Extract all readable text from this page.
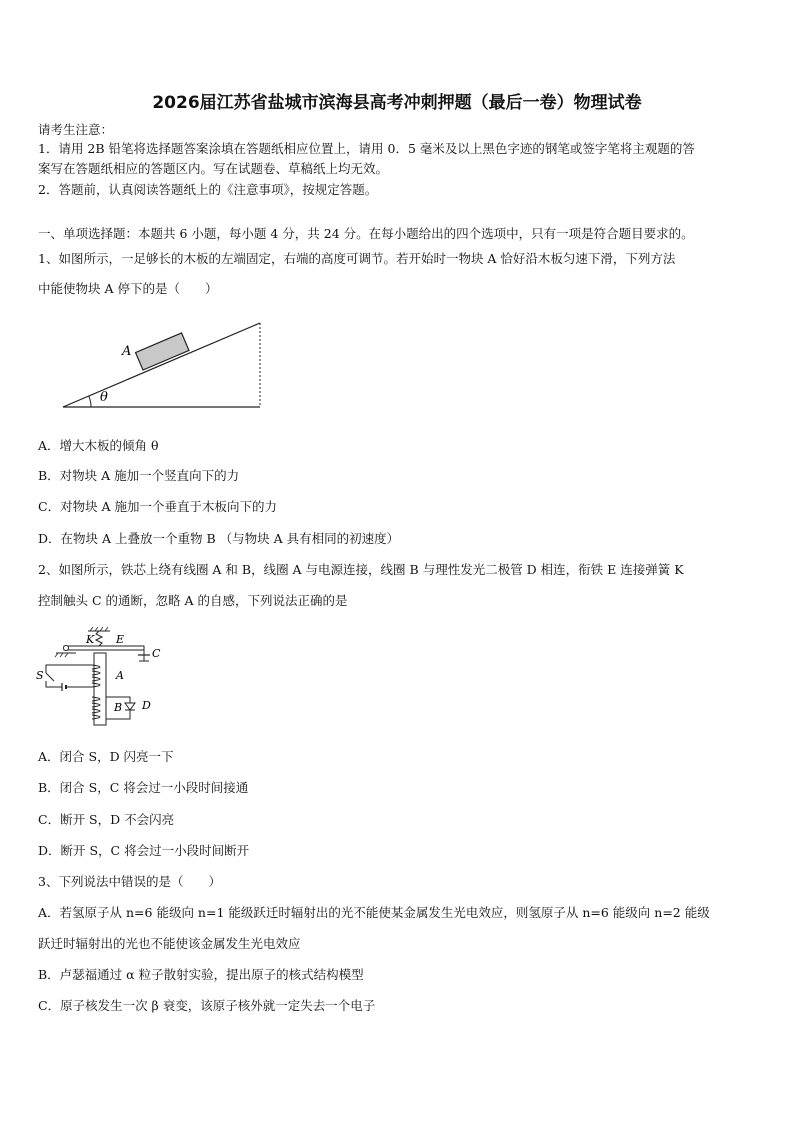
2026届江苏省盐城市滨海县高考冲刺押题（最后一卷）物理试卷
请考生注意：
1．请用 2B 铅笔将选择题答案涂填在答题纸相应位置上，请用 0．5 毫米及以上黑色字迹的钢笔或签字笔将主观题的答
案写在答题纸相应的答题区内。写在试题卷、草稿纸上均无效。
2．答题前，认真阅读答题纸上的《注意事项》，按规定答题。
一、单项选择题：本题共 6 小题，每小题 4 分，共 24 分。在每小题给出的四个选项中，只有一项是符合题目要求的。
1、如图所示，一足够长的木板的左端固定，右端的高度可调节。若开始时一物块 A 恰好沿木板匀速下滑，下列方法
中能使物块 A 停下的是（　　）
A
θ
A．增大木板的倾角 θ
B．对物块 A 施加一个竖直向下的力
C．对物块 A 施加一个垂直于木板向下的力
D．在物块 A 上叠放一个重物 B （与物块 A 具有相同的初速度）
2、如图所示，铁芯上绕有线圈 A 和 B，线圈 A 与电源连接，线圈 B 与理性发光二极管 D 相连，衔铁 E 连接弹簧 K
控制触头 C 的通断，忽略 A 的自感，下列说法正确的是
K E
C
S	A
B D
A．闭合 S，D 闪亮一下
B．闭合 S，C 将会过一小段时间接通
C．断开 S，D 不会闪亮
D．断开 S，C 将会过一小段时间断开
3、下列说法中错误的是（　　）
A．若氢原子从 n=6 能级向 n=1 能级跃迁时辐射出的光不能使某金属发生光电效应，则氢原子从 n=6 能级向 n=2 能级
跃迁时辐射出的光也不能使该金属发生光电效应
B．卢瑟福通过 α 粒子散射实验，提出原子的核式结构模型
C．原子核发生一次 β 衰变，该原子核外就一定失去一个电子
